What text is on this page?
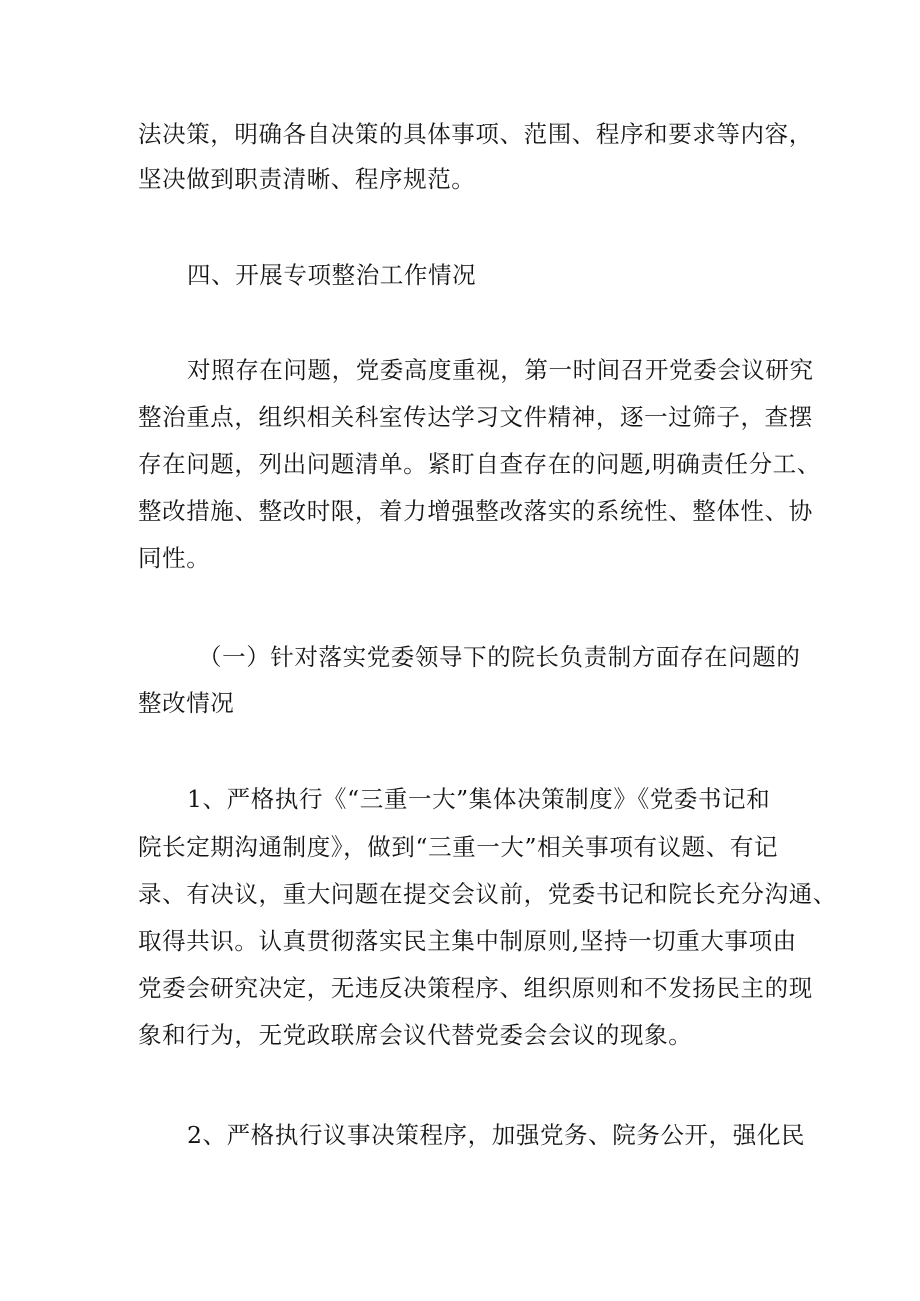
法决策，明确各自决策的具体事项、范围、程序和要求等内容，
坚决做到职责清晰、程序规范。
四、开展专项整治工作情况
对照存在问题，党委高度重视，第一时间召开党委会议研究
整治重点，组织相关科室传达学习文件精神，逐一过筛子，查摆
存在问题，列出问题清单。紧盯自查存在的问题,明确责任分工、
整改措施、整改时限，着力增强整改落实的系统性、整体性、协
同性。
（一）针对落实党委领导下的院长负责制方面存在问题的
整改情况
1、严格执行《“三重一大”集体决策制度》《党委书记和
院长定期沟通制度》，做到“三重一大”相关事项有议题、有记
录、有决议，重大问题在提交会议前，党委书记和院长充分沟通、
取得共识。认真贯彻落实民主集中制原则,坚持一切重大事项由
党委会研究决定，无违反决策程序、组织原则和不发扬民主的现
象和行为，无党政联席会议代替党委会会议的现象。
2、严格执行议事决策程序，加强党务、院务公开，强化民
